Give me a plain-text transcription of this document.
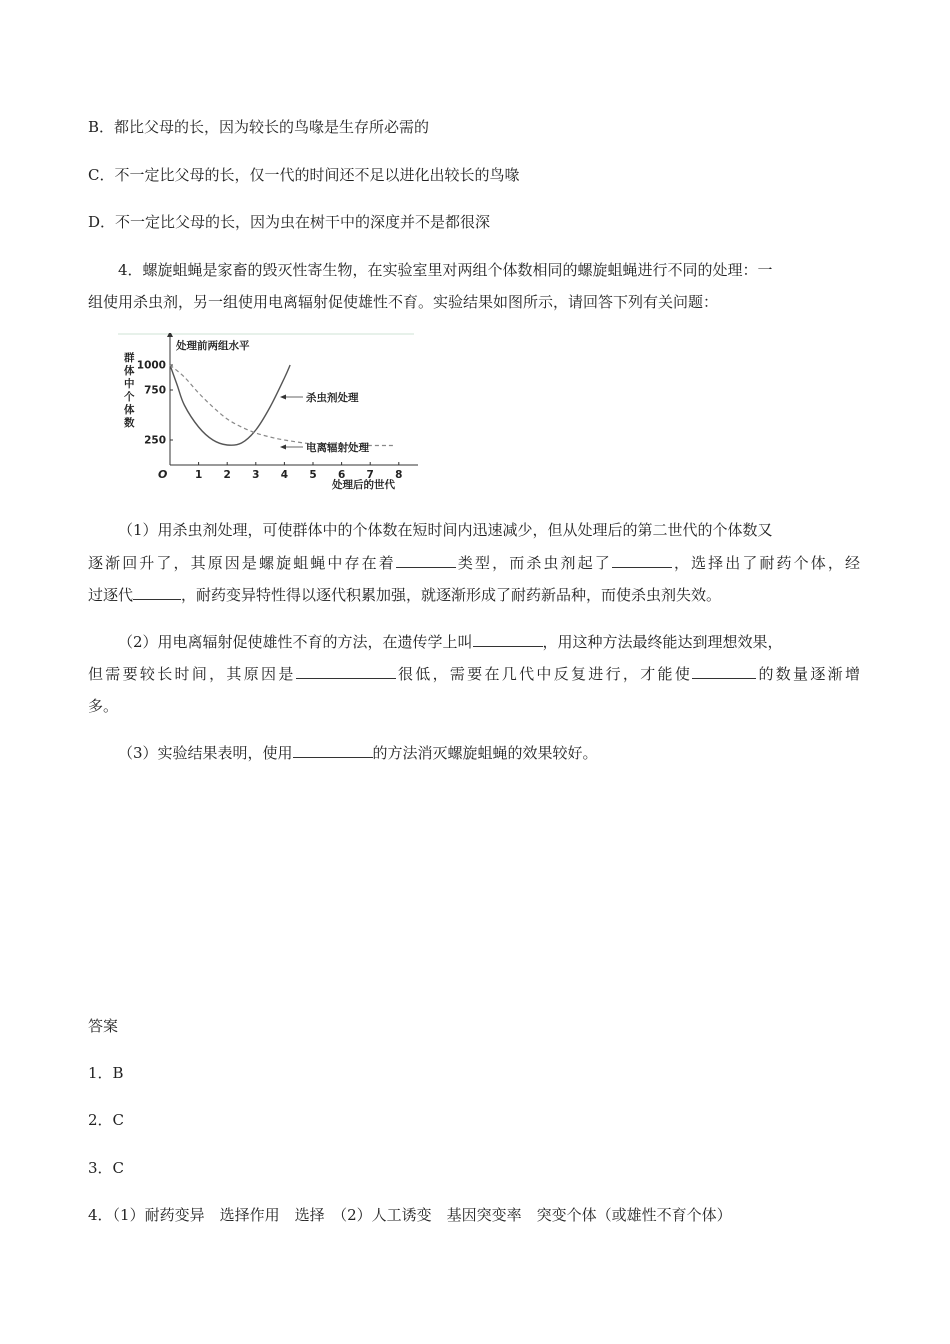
B．都比父母的长，因为较长的鸟喙是生存所必需的
C．不一定比父母的长，仅一代的时间还不足以进化出较长的鸟喙
D．不一定比父母的长，因为虫在树干中的深度并不是都很深
4．螺旋蛆蝇是家畜的毁灭性寄生物，在实验室里对两组个体数相同的螺旋蛆蝇进行不同的处理：一
组使用杀虫剂，另一组使用电离辐射促使雄性不育。实验结果如图所示，请回答下列有关问题：
1 2 3 4 5 6 7 8
250
750
1000
处理前两组水平
处理后的世代
O
群体中个体数
杀虫剂处理
电离辐射处理
（1）用杀虫剂处理，可使群体中的个体数在短时间内迅速减少，但从处理后的第二世代的个体数又
逐渐回升了，其原因是螺旋蛆蝇中存在着	类型，而杀虫剂起了	，选择出了耐药个体，经
过逐代	，耐药变异特性得以逐代积累加强，就逐渐形成了耐药新品种，而使杀虫剂失效。
（2）用电离辐射促使雄性不育的方法，在遗传学上叫	，用这种方法最终能达到理想效果，
但需要较长时间，其原因是	很低，需要在几代中反复进行，才能使	的数量逐渐增
多。
（3）实验结果表明，使用	的方法消灭螺旋蛆蝇的效果较好。
答案
1．B
2．C
3．C
4．（1）耐药变异　选择作用　选择　（2）人工诱变　基因突变率　突变个体（或雄性不育个体）
